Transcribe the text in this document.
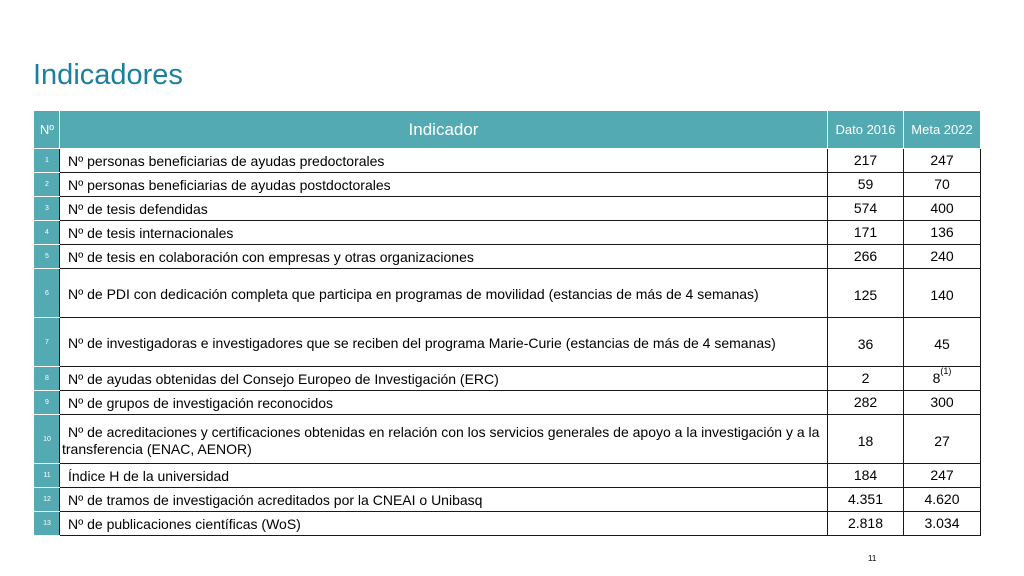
Indicadores
Nº	Indicador	Dato 2016	Meta 2022
1	Nº personas beneficiarias de ayudas predoctorales	217	247
2	Nº personas beneficiarias de ayudas postdoctorales	59	70
3	Nº de tesis defendidas	574	400
4	Nº de tesis internacionales	171	136
5	Nº de tesis en colaboración con empresas y otras organizaciones	266	240
6	Nº de PDI con dedicación completa que participa en programas de movilidad (estancias de más de 4 semanas)	125	140
7	Nº de investigadoras e investigadores que se reciben del programa Marie-Curie (estancias de más de 4 semanas)	36	45
8	Nº de ayudas obtenidas del Consejo Europeo de Investigación (ERC)	2	8$^{(1)}$
9	Nº de grupos de investigación reconocidos	282	300
10	Nº de acreditaciones y certificaciones obtenidas en relación con los servicios generales de apoyo a la investigación y a la transferencia (ENAC, AENOR)	18	27
11	Índice H de la universidad	184	247
12	Nº de tramos de investigación acreditados por la CNEAI o Unibasq	4.351	4.620
13	Nº de publicaciones científicas (WoS)	2.818	3.034
11
